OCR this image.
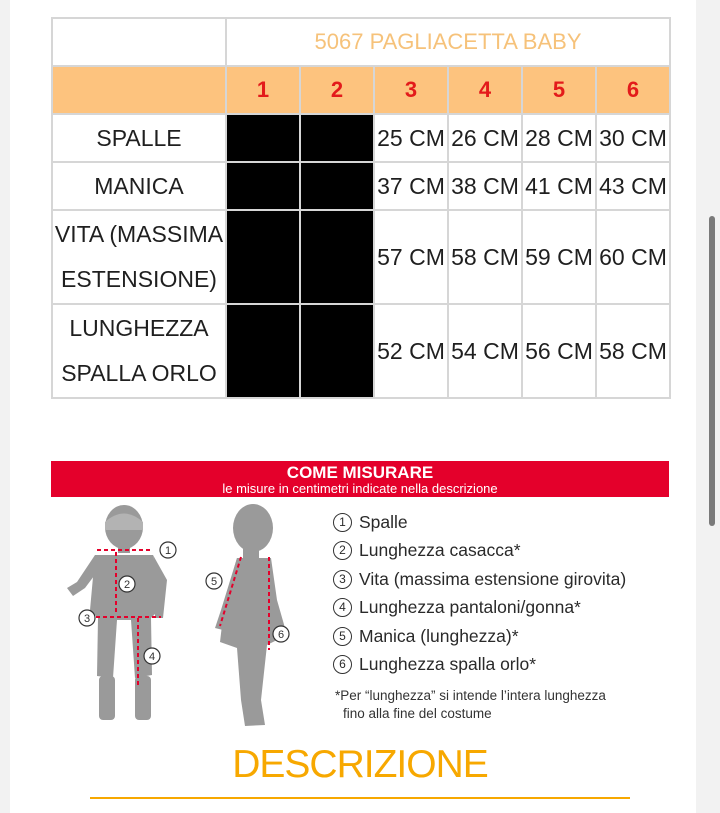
	5067 PAGLIACETTA BABY					
	1	2	3	4	5	6
SPALLE			25 CM	26 CM	28 CM	30 CM
MANICA			37 CM	38 CM	41 CM	43 CM
VITA (MASSIMA
ESTENSIONE)			57 CM	58 CM	59 CM	60 CM
LUNGHEZZA
SPALLA ORLO			52 CM	54 CM	56 CM	58 CM
COME MISURARE
le misure in centimetri indicate nella descrizione
1
2
3
4
5
6
1 Spalle
2 Lunghezza casacca*
3 Vita (massima estensione girovita)
4 Lunghezza pantaloni/gonna*
5 Manica (lunghezza)*
6 Lunghezza spalla orlo*
*Per “lunghezza” si intende l’intera lunghezza
fino alla fine del costume
DESCRIZIONE
